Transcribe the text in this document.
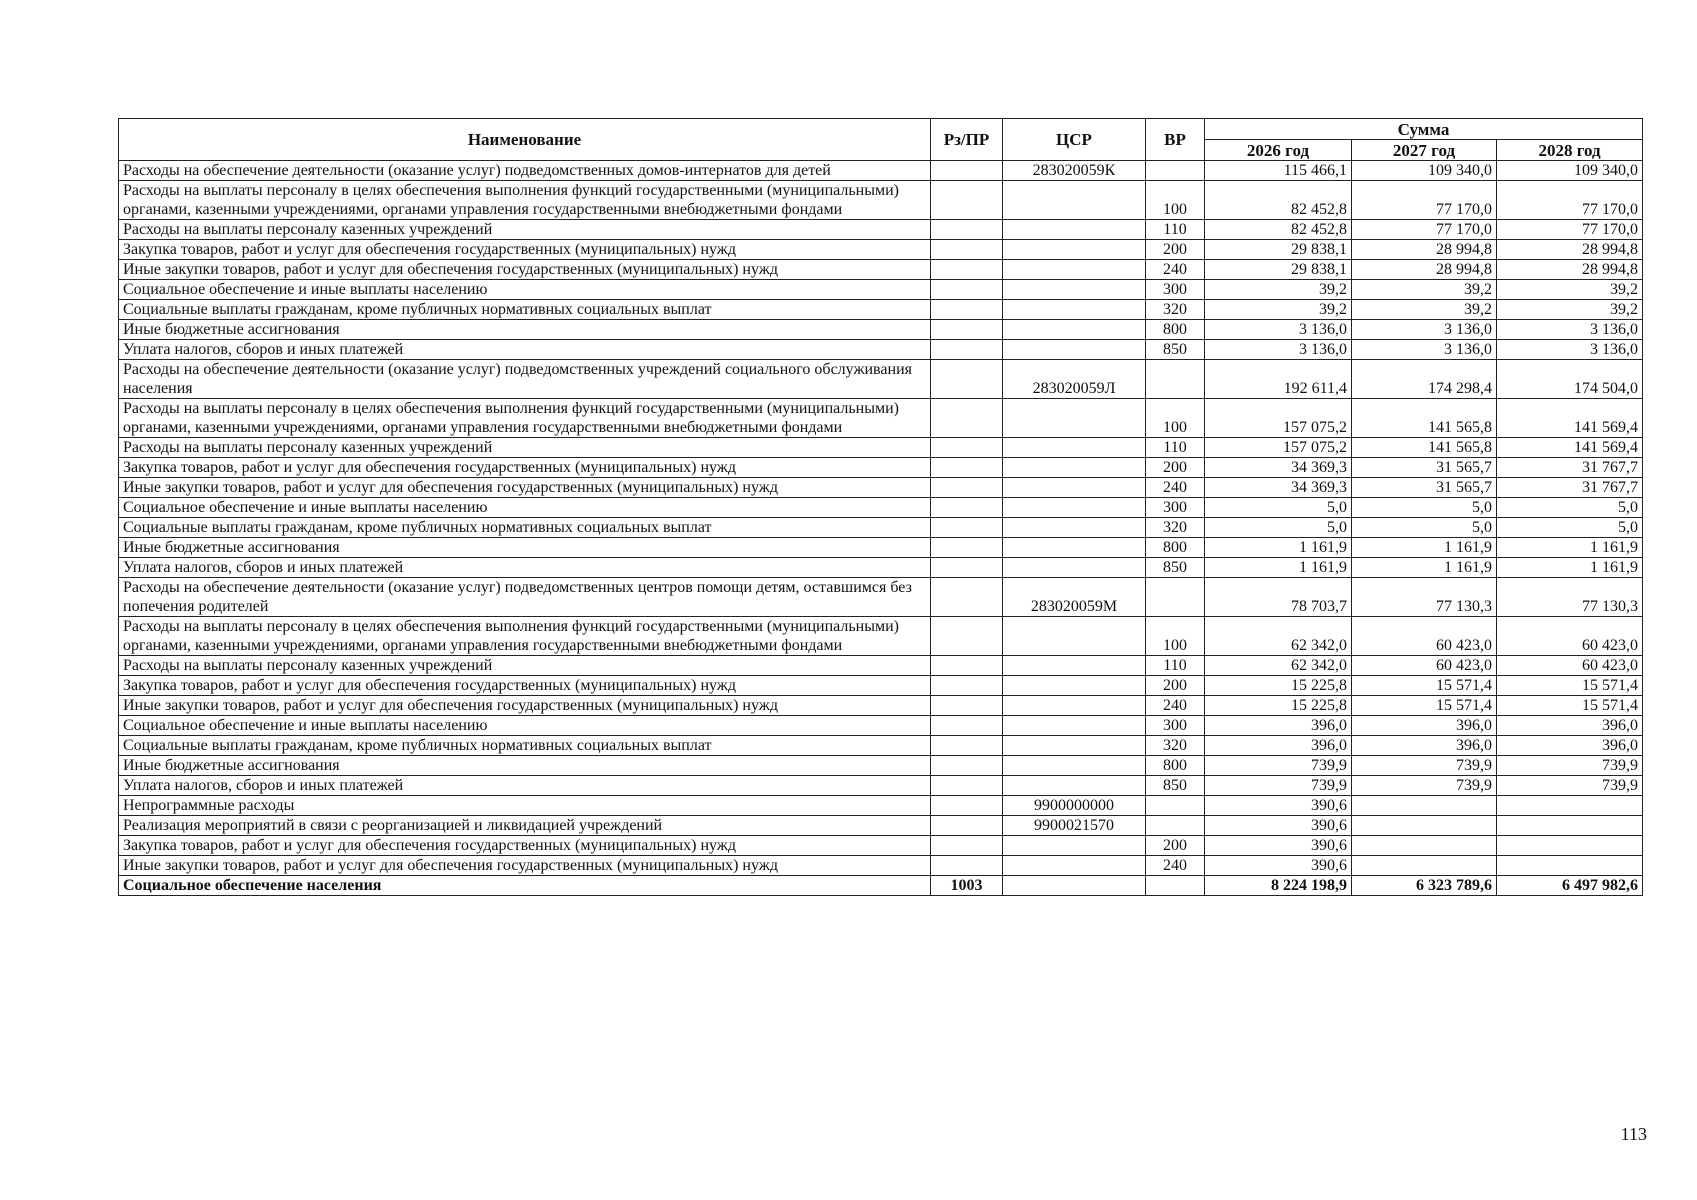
Наименование	Рз/ПР	ЦСР	ВР	Сумма		
				2026 год	2027 год	2028 год
Расходы на обеспечение деятельности (оказание услуг) подведомственных домов-интернатов для детей		283020059К		115 466,1	109 340,0	109 340,0
Расходы на выплаты персоналу в целях обеспечения выполнения функций государственными (муниципальными) органами, казенными учреждениями, органами управления государственными внебюджетными фондами			100	82 452,8	77 170,0	77 170,0
Расходы на выплаты персоналу казенных учреждений			110	82 452,8	77 170,0	77 170,0
Закупка товаров, работ и услуг для обеспечения государственных (муниципальных) нужд			200	29 838,1	28 994,8	28 994,8
Иные закупки товаров, работ и услуг для обеспечения государственных (муниципальных) нужд			240	29 838,1	28 994,8	28 994,8
Социальное обеспечение и иные выплаты населению			300	39,2	39,2	39,2
Социальные выплаты гражданам, кроме публичных нормативных социальных выплат			320	39,2	39,2	39,2
Иные бюджетные ассигнования			800	3 136,0	3 136,0	3 136,0
Уплата налогов, сборов и иных платежей			850	3 136,0	3 136,0	3 136,0
Расходы на обеспечение деятельности (оказание услуг) подведомственных учреждений социального обслуживания населения		283020059Л		192 611,4	174 298,4	174 504,0
Расходы на выплаты персоналу в целях обеспечения выполнения функций государственными (муниципальными) органами, казенными учреждениями, органами управления государственными внебюджетными фондами			100	157 075,2	141 565,8	141 569,4
Расходы на выплаты персоналу казенных учреждений			110	157 075,2	141 565,8	141 569,4
Закупка товаров, работ и услуг для обеспечения государственных (муниципальных) нужд			200	34 369,3	31 565,7	31 767,7
Иные закупки товаров, работ и услуг для обеспечения государственных (муниципальных) нужд			240	34 369,3	31 565,7	31 767,7
Социальное обеспечение и иные выплаты населению			300	5,0	5,0	5,0
Социальные выплаты гражданам, кроме публичных нормативных социальных выплат			320	5,0	5,0	5,0
Иные бюджетные ассигнования			800	1 161,9	1 161,9	1 161,9
Уплата налогов, сборов и иных платежей			850	1 161,9	1 161,9	1 161,9
Расходы на обеспечение деятельности (оказание услуг) подведомственных центров помощи детям, оставшимся без попечения родителей		283020059М		78 703,7	77 130,3	77 130,3
Расходы на выплаты персоналу в целях обеспечения выполнения функций государственными (муниципальными) органами, казенными учреждениями, органами управления государственными внебюджетными фондами			100	62 342,0	60 423,0	60 423,0
Расходы на выплаты персоналу казенных учреждений			110	62 342,0	60 423,0	60 423,0
Закупка товаров, работ и услуг для обеспечения государственных (муниципальных) нужд			200	15 225,8	15 571,4	15 571,4
Иные закупки товаров, работ и услуг для обеспечения государственных (муниципальных) нужд			240	15 225,8	15 571,4	15 571,4
Социальное обеспечение и иные выплаты населению			300	396,0	396,0	396,0
Социальные выплаты гражданам, кроме публичных нормативных социальных выплат			320	396,0	396,0	396,0
Иные бюджетные ассигнования			800	739,9	739,9	739,9
Уплата налогов, сборов и иных платежей			850	739,9	739,9	739,9
Непрограммные расходы		9900000000		390,6		
Реализация мероприятий в связи с реорганизацией и ликвидацией учреждений		9900021570		390,6		
Закупка товаров, работ и услуг для обеспечения государственных (муниципальных) нужд			200	390,6		
Иные закупки товаров, работ и услуг для обеспечения государственных (муниципальных) нужд			240	390,6		
Социальное обеспечение населения	1003			8 224 198,9	6 323 789,6	6 497 982,6
113
